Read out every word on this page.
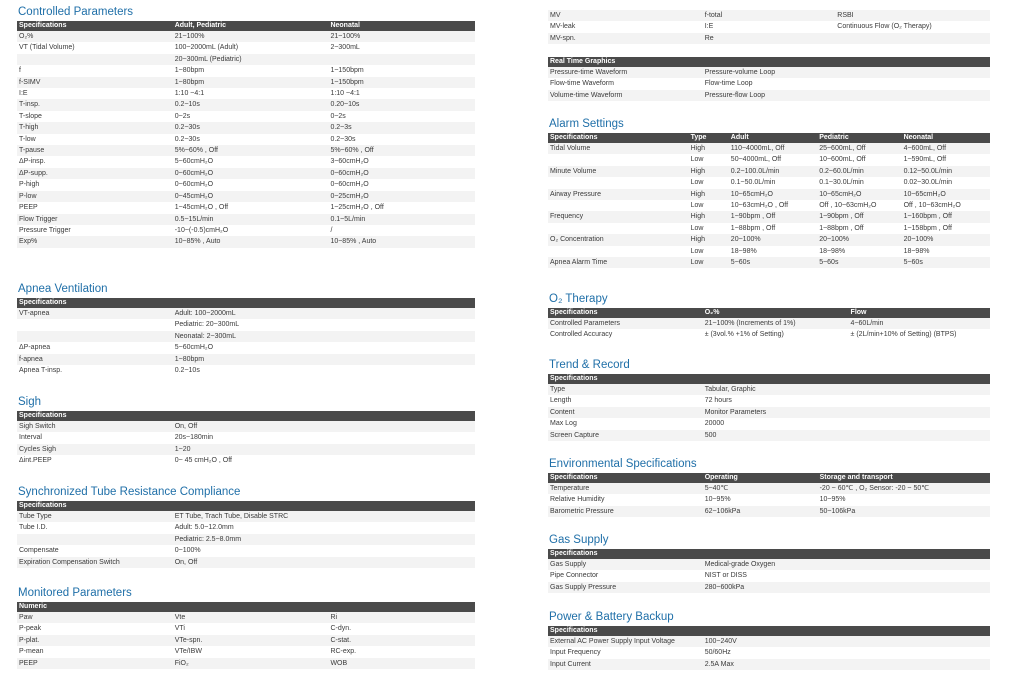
Controlled Parameters
Specifications	Adult, Pediatric	Neonatal
O₂%	21~100%	21~100%
VT (Tidal Volume)	100~2000mL (Adult)	2~300mL
	20~300mL (Pediatric)	
f	1~80bpm	1~150bpm
f-SIMV	1~80bpm	1~150bpm
I:E	1:10 ~4:1	1:10 ~4:1
T-insp.	0.2~10s	0.20~10s
T-slope	0~2s	0~2s
T-high	0.2~30s	0.2~3s
T-low	0.2~30s	0.2~30s
T-pause	5%~60% , Off	5%~60% , Off
ΔP-insp.	5~60cmH₂O	3~60cmH₂O
ΔP-supp.	0~60cmH₂O	0~60cmH₂O
P-high	0~60cmH₂O	0~60cmH₂O
P-low	0~45cmH₂O	0~25cmH₂O
PEEP	1~45cmH₂O , Off	1~25cmH₂O , Off
Flow Trigger	0.5~15L/min	0.1~5L/min
Pressure Trigger	-10~(-0.5)cmH₂O	/
Exp%	10~85% , Auto	10~85% , Auto
Apnea Ventilation
Specifications	
VT-apnea	Adult: 100~2000mL
	Pediatric: 20~300mL
	Neonatal: 2~300mL
ΔP-apnea	5~60cmH₂O
f-apnea	1~80bpm
Apnea T-insp.	0.2~10s
Sigh
Specifications	
Sigh Switch	On, Off
Interval	20s~180min
Cycles Sigh	1~20
Δint.PEEP	0~ 45 cmH₂O , Off
Synchronized Tube Resistance Compliance
Specifications	
Tube Type	ET Tube, Trach Tube, Disable STRC
Tube I.D.	Adult: 5.0~12.0mm
	Pediatric: 2.5~8.0mm
Compensate	0~100%
Expiration Compensation Switch	On, Off
Monitored Parameters
Numeric		
Paw	Vte	Ri
P-peak	VTi	C-dyn.
P-plat.	VTe-spn.	C-stat.
P-mean	VTe/IBW	RC-exp.
PEEP	FiO₂	WOB
MV	f-total	RSBI
MV-leak	I:E	Continuous Flow (O₂ Therapy)
MV-spn.	Re	
Real Time Graphics	
Pressure-time Waveform	Pressure-volume Loop
Flow-time Waveform	Flow-time Loop
Volume-time Waveform	Pressure-flow Loop
Alarm Settings
Specifications	Type	Adult	Pediatric	Neonatal
Tidal Volume	High	110~4000mL, Off	25~600mL, Off	4~600mL, Off
	Low	50~4000mL, Off	10~600mL, Off	1~590mL, Off
Minute Volume	High	0.2~100.0L/min	0.2~60.0L/min	0.12~50.0L/min
	Low	0.1~50.0L/min	0.1~30.0L/min	0.02~30.0L/min
Airway Pressure	High	10~65cmH₂O	10~65cmH₂O	10~65cmH₂O
	Low	10~63cmH₂O , Off	Off , 10~63cmH₂O	Off , 10~63cmH₂O
Frequency	High	1~90bpm , Off	1~90bpm , Off	1~160bpm , Off
	Low	1~88bpm , Off	1~88bpm , Off	1~158bpm , Off
O₂ Concentration	High	20~100%	20~100%	20~100%
	Low	18~98%	18~98%	18~98%
Apnea Alarm Time	Low	5~60s	5~60s	5~60s
O₂ Therapy
Specifications	O₂%	Flow
Controlled Parameters	21~100% (Increments of 1%)	4~60L/min
Controlled Accuracy	± (3vol.% +1% of Setting)	± (2L/min+10% of Setting) (BTPS)
Trend & Record
Specifications	
Type	Tabular, Graphic
Length	72 hours
Content	Monitor Parameters
Max Log	20000
Screen Capture	500
Environmental Specifications
Specifications	Operating	Storage and transport
Temperature	5~40℃	-20 ~ 60℃ , O₂ Sensor: -20 ~ 50℃
Relative Humidity	10~95%	10~95%
Barometric Pressure	62~106kPa	50~106kPa
Gas Supply
Specifications	
Gas Supply	Medical-grade Oxygen
Pipe Connector	NIST or DISS
Gas Supply Pressure	280~600kPa
Power & Battery Backup
Specifications	
External AC Power Supply Input Voltage	100~240V
Input Frequency	50/60Hz
Input Current	2.5A Max
